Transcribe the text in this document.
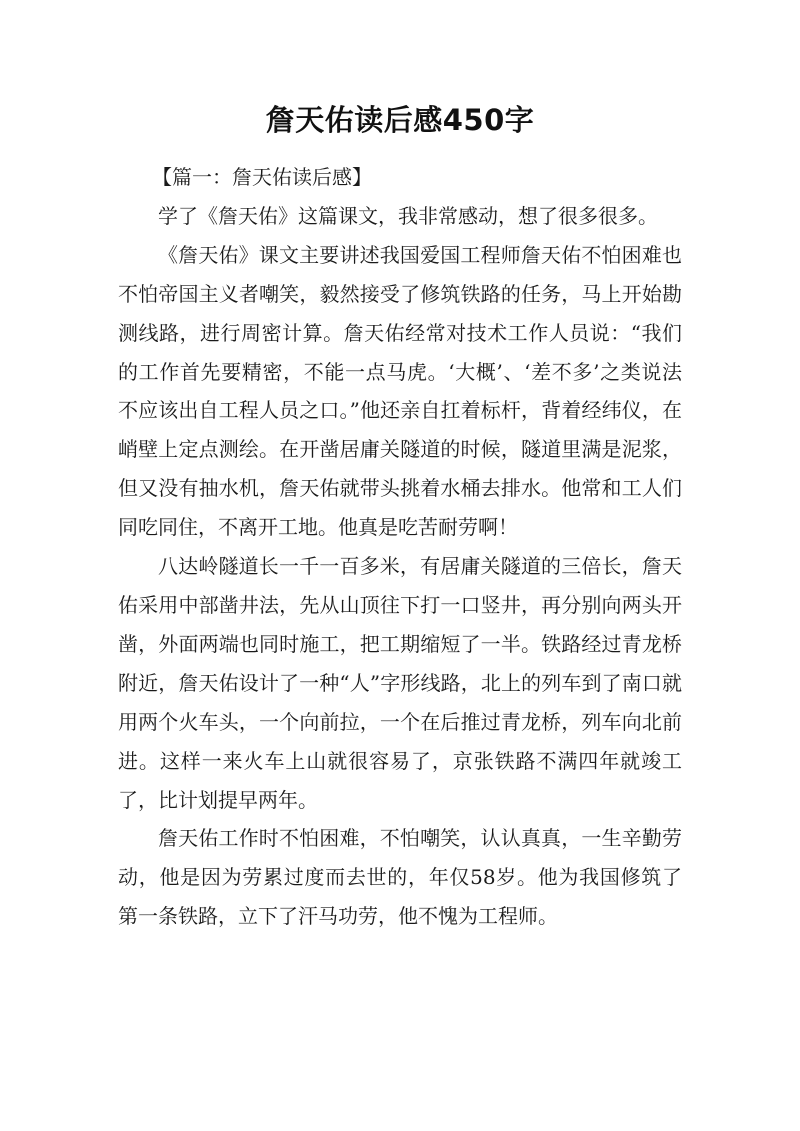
詹天佑读后感450字

【篇一：詹天佑读后感】

学了《詹天佑》这篇课文，我非常感动，想了很多很多。

《詹天佑》课文主要讲述我国爱国工程师詹天佑不怕困难也不怕帝国主义者嘲笑，毅然接受了修筑铁路的任务，马上开始勘测线路，进行周密计算。詹天佑经常对技术工作人员说：“我们的工作首先要精密，不能一点马虎。‘大概’、‘差不多’之类说法不应该出自工程人员之口。”他还亲自扛着标杆，背着经纬仪，在峭壁上定点测绘。在开凿居庸关隧道的时候，隧道里满是泥浆，但又没有抽水机，詹天佑就带头挑着水桶去排水。他常和工人们同吃同住，不离开工地。他真是吃苦耐劳啊！

八达岭隧道长一千一百多米，有居庸关隧道的三倍长，詹天佑采用中部凿井法，先从山顶往下打一口竖井，再分别向两头开凿，外面两端也同时施工，把工期缩短了一半。铁路经过青龙桥附近，詹天佑设计了一种“人”字形线路，北上的列车到了南口就用两个火车头，一个向前拉，一个在后推过青龙桥，列车向北前进。这样一来火车上山就很容易了，京张铁路不满四年就竣工了，比计划提早两年。

詹天佑工作时不怕困难，不怕嘲笑，认认真真，一生辛勤劳动，他是因为劳累过度而去世的，年仅58岁。他为我国修筑了第一条铁路，立下了汗马功劳，他不愧为工程师。
